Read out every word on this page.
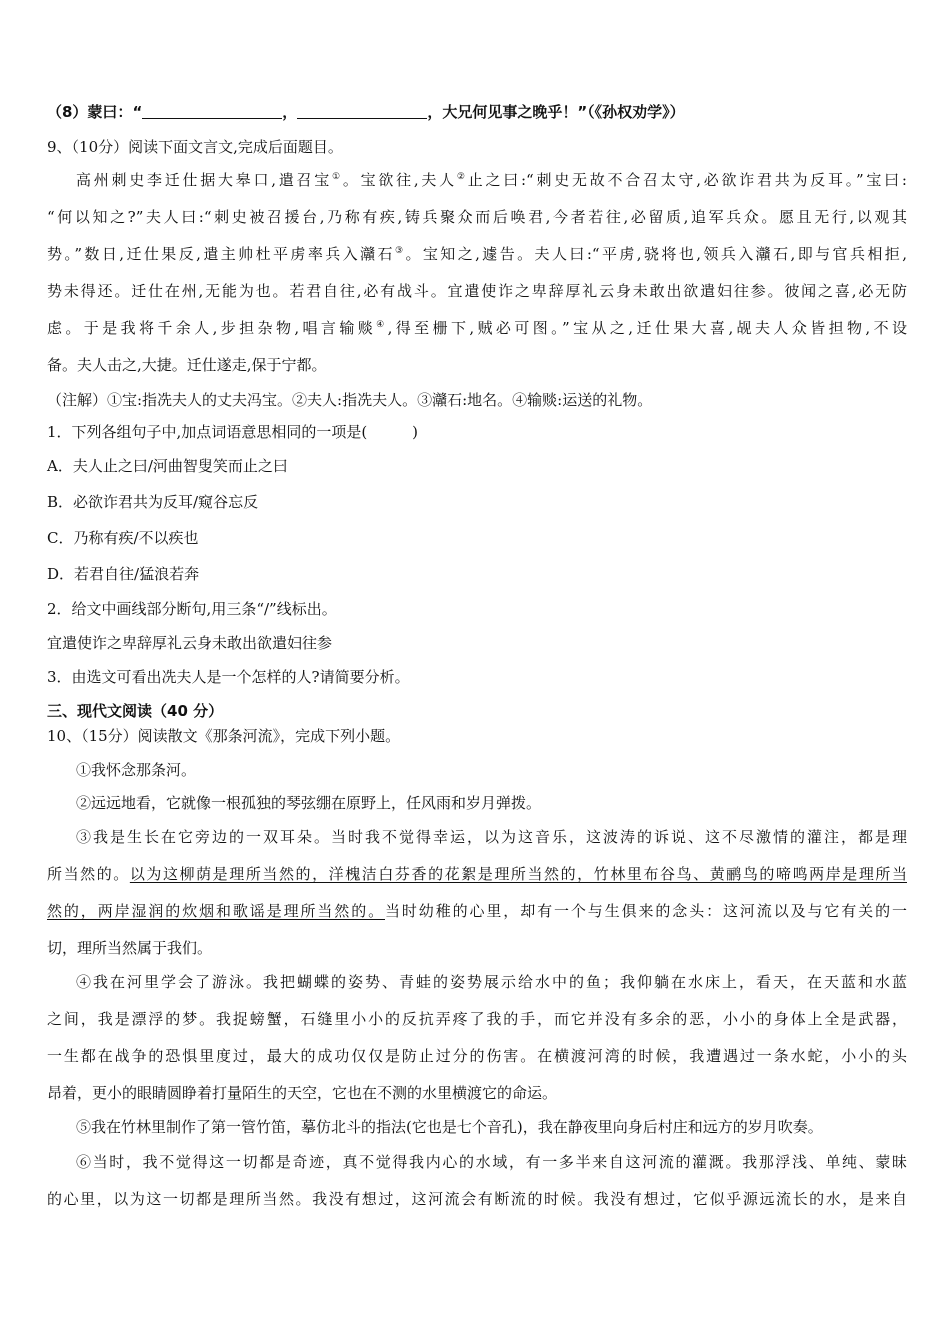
（8）蒙曰：“	，	，大兄何见事之晚乎！”（《孙权劝学》）
9、（10分）阅读下面文言文,完成后面题目。
高州刺史李迁仕据大皋口,遣召宝①。宝欲往,夫人②止之曰:“刺史无故不合召太守,必欲诈君共为反耳。”宝曰:
“何以知之?”夫人曰:“刺史被召援台,乃称有疾,铸兵聚众而后唤君,今者若往,必留质,追军兵众。愿且无行,以观其
势。”数日,迁仕果反,遣主帅杜平虏率兵入灨石③。宝知之,遽告。夫人曰:“平虏,骁将也,领兵入灨石,即与官兵相拒,
势未得还。迁仕在州,无能为也。若君自往,必有战斗。宜遣使诈之卑辞厚礼云身未敢出欲遣妇往参。彼闻之喜,必无防
虑。于是我将千余人,步担杂物,唱言输赕④,得至栅下,贼必可图。”宝从之,迁仕果大喜,觇夫人众皆担物,不设
备。夫人击之,大捷。迁仕遂走,保于宁都。
（注解）①宝:指冼夫人的丈夫冯宝。②夫人:指冼夫人。③灨石:地名。④输赕:运送的礼物。
1．下列各组句子中,加点词语意思相同的一项是(　　　)
A．夫人止之曰/河曲智叟笑而止之曰
B．必欲诈君共为反耳/窥谷忘反
C．乃称有疾/不以疾也
D．若君自往/猛浪若奔
2．给文中画线部分断句,用三条“/”线标出。
宜遣使诈之卑辞厚礼云身未敢出欲遣妇往参
3．由选文可看出冼夫人是一个怎样的人?请简要分析。
三、现代文阅读（40 分）
10、（15分）阅读散文《那条河流》，完成下列小题。
①我怀念那条河。
②远远地看，它就像一根孤独的琴弦绷在原野上，任风雨和岁月弹拨。
③我是生长在它旁边的一双耳朵。当时我不觉得幸运，以为这音乐，这波涛的诉说、这不尽激情的灌注，都是理
所当然的。以为这柳荫是理所当然的，洋槐洁白芬香的花絮是理所当然的，竹林里布谷鸟、黄鹂鸟的啼鸣两岸是理所当
然的，两岸湿润的炊烟和歌谣是理所当然的。当时幼稚的心里，却有一个与生俱来的念头：这河流以及与它有关的一
切，理所当然属于我们。
④我在河里学会了游泳。我把蝴蝶的姿势、青蛙的姿势展示给水中的鱼；我仰躺在水床上，看天，在天蓝和水蓝
之间，我是漂浮的梦。我捉螃蟹，石缝里小小的反抗弄疼了我的手，而它并没有多余的恶，小小的身体上全是武器，
一生都在战争的恐惧里度过，最大的成功仅仅是防止过分的伤害。在横渡河湾的时候，我遭遇过一条水蛇，小小的头
昂着，更小的眼睛圆睁着打量陌生的天空，它也在不测的水里横渡它的命运。
⑤我在竹林里制作了第一管竹笛，摹仿北斗的指法(它也是七个音孔)，我在静夜里向身后村庄和远方的岁月吹奏。
⑥当时，我不觉得这一切都是奇迹，真不觉得我内心的水域，有一多半来自这河流的灌溉。我那浮浅、单纯、蒙昧
的心里，以为这一切都是理所当然。我没有想过，这河流会有断流的时候。我没有想过，它似乎源远流长的水，是来自
